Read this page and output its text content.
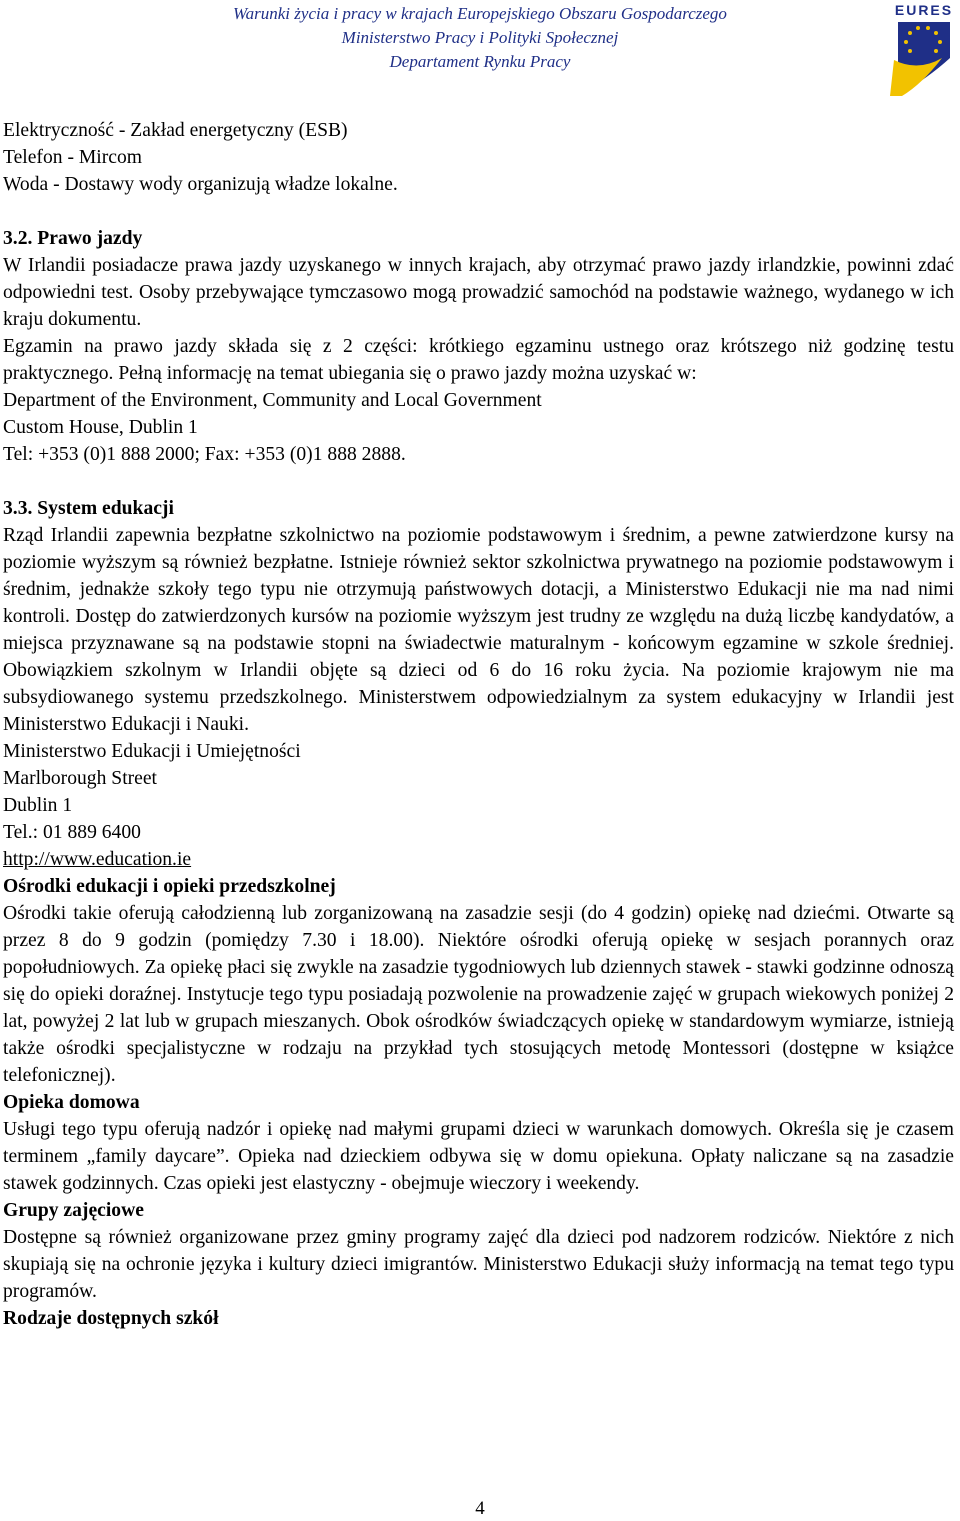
Warunki życia i pracy w krajach Europejskiego Obszaru Gospodarczego
Ministerstwo Pracy i Polityki Społecznej
Departament Rynku Pracy
EURES

Elektryczność - Zakład energetyczny (ESB)

Telefon - Mircom

Woda - Dostawy wody organizują władze lokalne.

3.2. Prawo jazdy

W Irlandii posiadacze prawa jazdy uzyskanego w innych krajach, aby otrzymać prawo jazdy irlandzkie, powinni zdać odpowiedni test. Osoby przebywające tymczasowo mogą prowadzić samochód na podstawie ważnego, wydanego w ich kraju dokumentu.

Egzamin na prawo jazdy składa się z 2 części: krótkiego egzaminu ustnego oraz krótszego niż godzinę testu praktycznego. Pełną informację na temat ubiegania się o prawo jazdy można uzyskać w:

Department of the Environment, Community and Local Government

Custom House, Dublin 1

Tel: +353 (0)1 888 2000; Fax: +353 (0)1 888 2888.

3.3. System edukacji

Rząd Irlandii zapewnia bezpłatne szkolnictwo na poziomie podstawowym i średnim, a pewne zatwierdzone kursy na poziomie wyższym są również bezpłatne. Istnieje również sektor szkolnictwa prywatnego na poziomie podstawowym i średnim, jednakże szkoły tego typu nie otrzymują państwowych dotacji, a Ministerstwo Edukacji nie ma nad nimi kontroli. Dostęp do zatwierdzonych kursów na poziomie wyższym jest trudny ze względu na dużą liczbę kandydatów, a miejsca przyznawane są na podstawie stopni na świadectwie maturalnym - końcowym egzamine w szkole średniej. Obowiązkiem szkolnym w Irlandii objęte są dzieci od 6 do 16 roku życia. Na poziomie krajowym nie ma subsydiowanego systemu przedszkolnego. Ministerstwem odpowiedzialnym za system edukacyjny w Irlandii jest Ministerstwo Edukacji i Nauki.

Ministerstwo Edukacji i Umiejętności

Marlborough Street

Dublin 1

Tel.: 01 889 6400

http://www.education.ie

Ośrodki edukacji i opieki przedszkolnej

Ośrodki takie oferują całodzienną lub zorganizowaną na zasadzie sesji (do 4 godzin) opiekę nad dziećmi. Otwarte są przez 8 do 9 godzin (pomiędzy 7.30 i 18.00). Niektóre ośrodki oferują opiekę w sesjach porannych oraz popołudniowych. Za opiekę płaci się zwykle na zasadzie tygodniowych lub dziennych stawek - stawki godzinne odnoszą się do opieki doraźnej. Instytucje tego typu posiadają pozwolenie na prowadzenie zajęć w grupach wiekowych poniżej 2 lat, powyżej 2 lat lub w grupach mieszanych. Obok ośrodków świadczących opiekę w standardowym wymiarze, istnieją także ośrodki specjalistyczne w rodzaju na przykład tych stosujących metodę Montessori (dostępne w książce telefonicznej).

Opieka domowa

Usługi tego typu oferują nadzór i opiekę nad małymi grupami dzieci w warunkach domowych. Określa się je czasem terminem „family daycare”. Opieka nad dzieckiem odbywa się w domu opiekuna. Opłaty naliczane są na zasadzie stawek godzinnych. Czas opieki jest elastyczny - obejmuje wieczory i weekendy.

Grupy zajęciowe

Dostępne są również organizowane przez gminy programy zajęć dla dzieci pod nadzorem rodziców. Niektóre z nich skupiają się na ochronie języka i kultury dzieci imigrantów. Ministerstwo Edukacji służy informacją na temat tego typu programów.

Rodzaje dostępnych szkół

4
